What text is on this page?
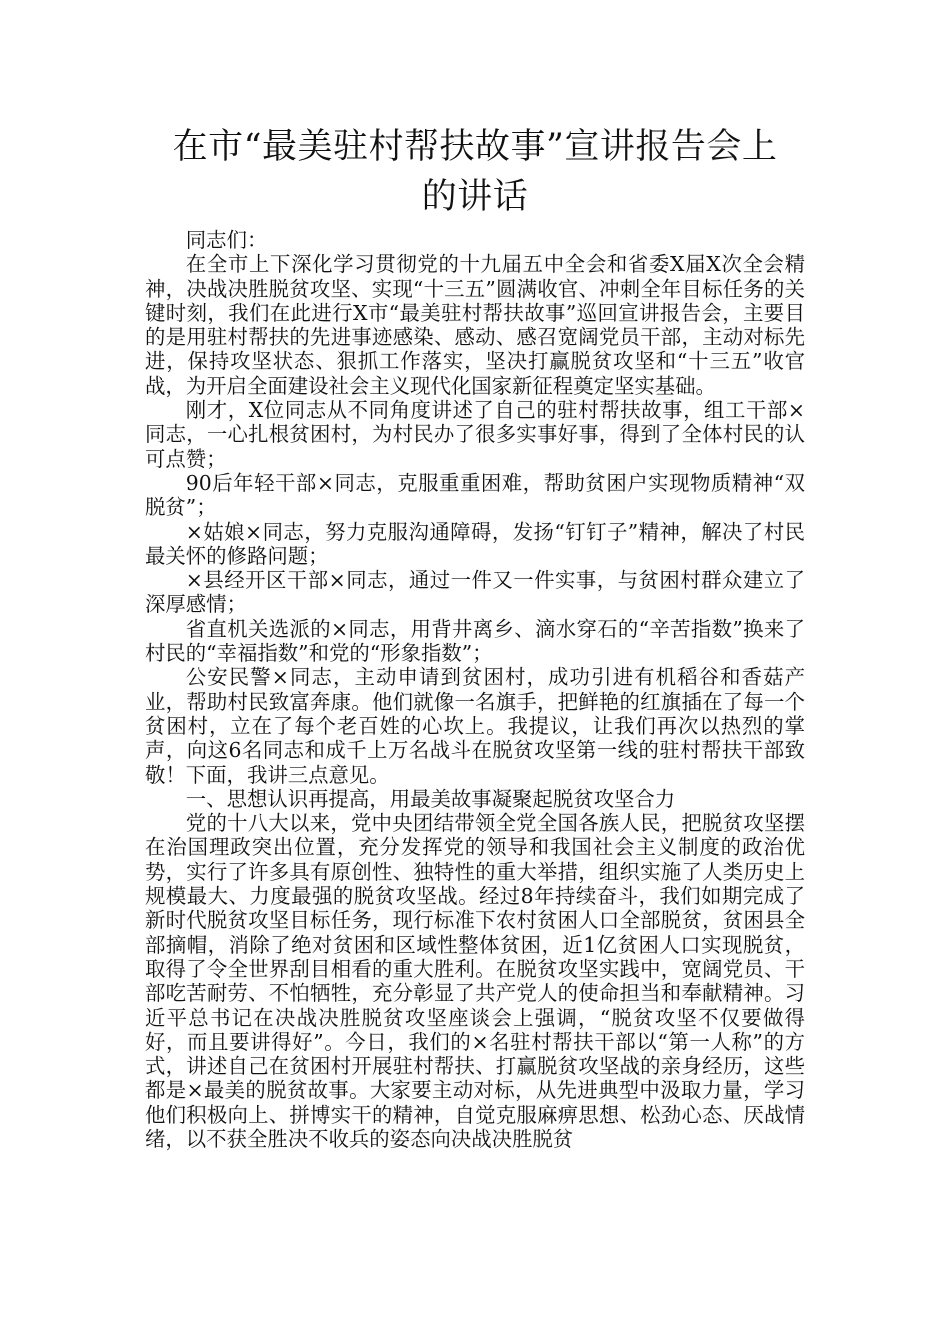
在市“最美驻村帮扶故事”宣讲报告会上
的讲话

同志们：

在全市上下深化学习贯彻党的十九届五中全会和省委X届X次全会精神，决战决胜脱贫攻坚、实现“十三五”圆满收官、冲刺全年目标任务的关键时刻，我们在此进行X市“最美驻村帮扶故事”巡回宣讲报告会，主要目的是用驻村帮扶的先进事迹感染、感动、感召宽阔党员干部，主动对标先进，保持攻坚状态、狠抓工作落实，坚决打赢脱贫攻坚和“十三五”收官战，为开启全面建设社会主义现代化国家新征程奠定坚实基础。

刚才，X位同志从不同角度讲述了自己的驻村帮扶故事，组工干部×同志，一心扎根贫困村，为村民办了很多实事好事，得到了全体村民的认可点赞；

90后年轻干部×同志，克服重重困难，帮助贫困户实现物质精神“双脱贫”；

×姑娘×同志，努力克服沟通障碍，发扬“钉钉子”精神，解决了村民最关怀的修路问题；

×县经开区干部×同志，通过一件又一件实事，与贫困村群众建立了深厚感情；

省直机关选派的×同志，用背井离乡、滴水穿石的“辛苦指数”换来了村民的“幸福指数”和党的“形象指数”；

公安民警×同志，主动申请到贫困村，成功引进有机稻谷和香菇产业，帮助村民致富奔康。他们就像一名旗手，把鲜艳的红旗插在了每一个贫困村，立在了每个老百姓的心坎上。我提议，让我们再次以热烈的掌声，向这6名同志和成千上万名战斗在脱贫攻坚第一线的驻村帮扶干部致敬！下面，我讲三点意见。

一、思想认识再提高，用最美故事凝聚起脱贫攻坚合力

党的十八大以来，党中央团结带领全党全国各族人民，把脱贫攻坚摆在治国理政突出位置，充分发挥党的领导和我国社会主义制度的政治优势，实行了许多具有原创性、独特性的重大举措，组织实施了人类历史上规模最大、力度最强的脱贫攻坚战。经过8年持续奋斗，我们如期完成了新时代脱贫攻坚目标任务，现行标准下农村贫困人口全部脱贫，贫困县全部摘帽，消除了绝对贫困和区域性整体贫困，近1亿贫困人口实现脱贫，取得了令全世界刮目相看的重大胜利。在脱贫攻坚实践中，宽阔党员、干部吃苦耐劳、不怕牺牲，充分彰显了共产党人的使命担当和奉献精神。习近平总书记在决战决胜脱贫攻坚座谈会上强调，“脱贫攻坚不仅要做得好，而且要讲得好”。今日，我们的×名驻村帮扶干部以“第一人称”的方式，讲述自己在贫困村开展驻村帮扶、打赢脱贫攻坚战的亲身经历，这些都是×最美的脱贫故事。大家要主动对标，从先进典型中汲取力量，学习他们积极向上、拼博实干的精神，自觉克服麻痹思想、松劲心态、厌战情绪，以不获全胜决不收兵的姿态向决战决胜脱贫
